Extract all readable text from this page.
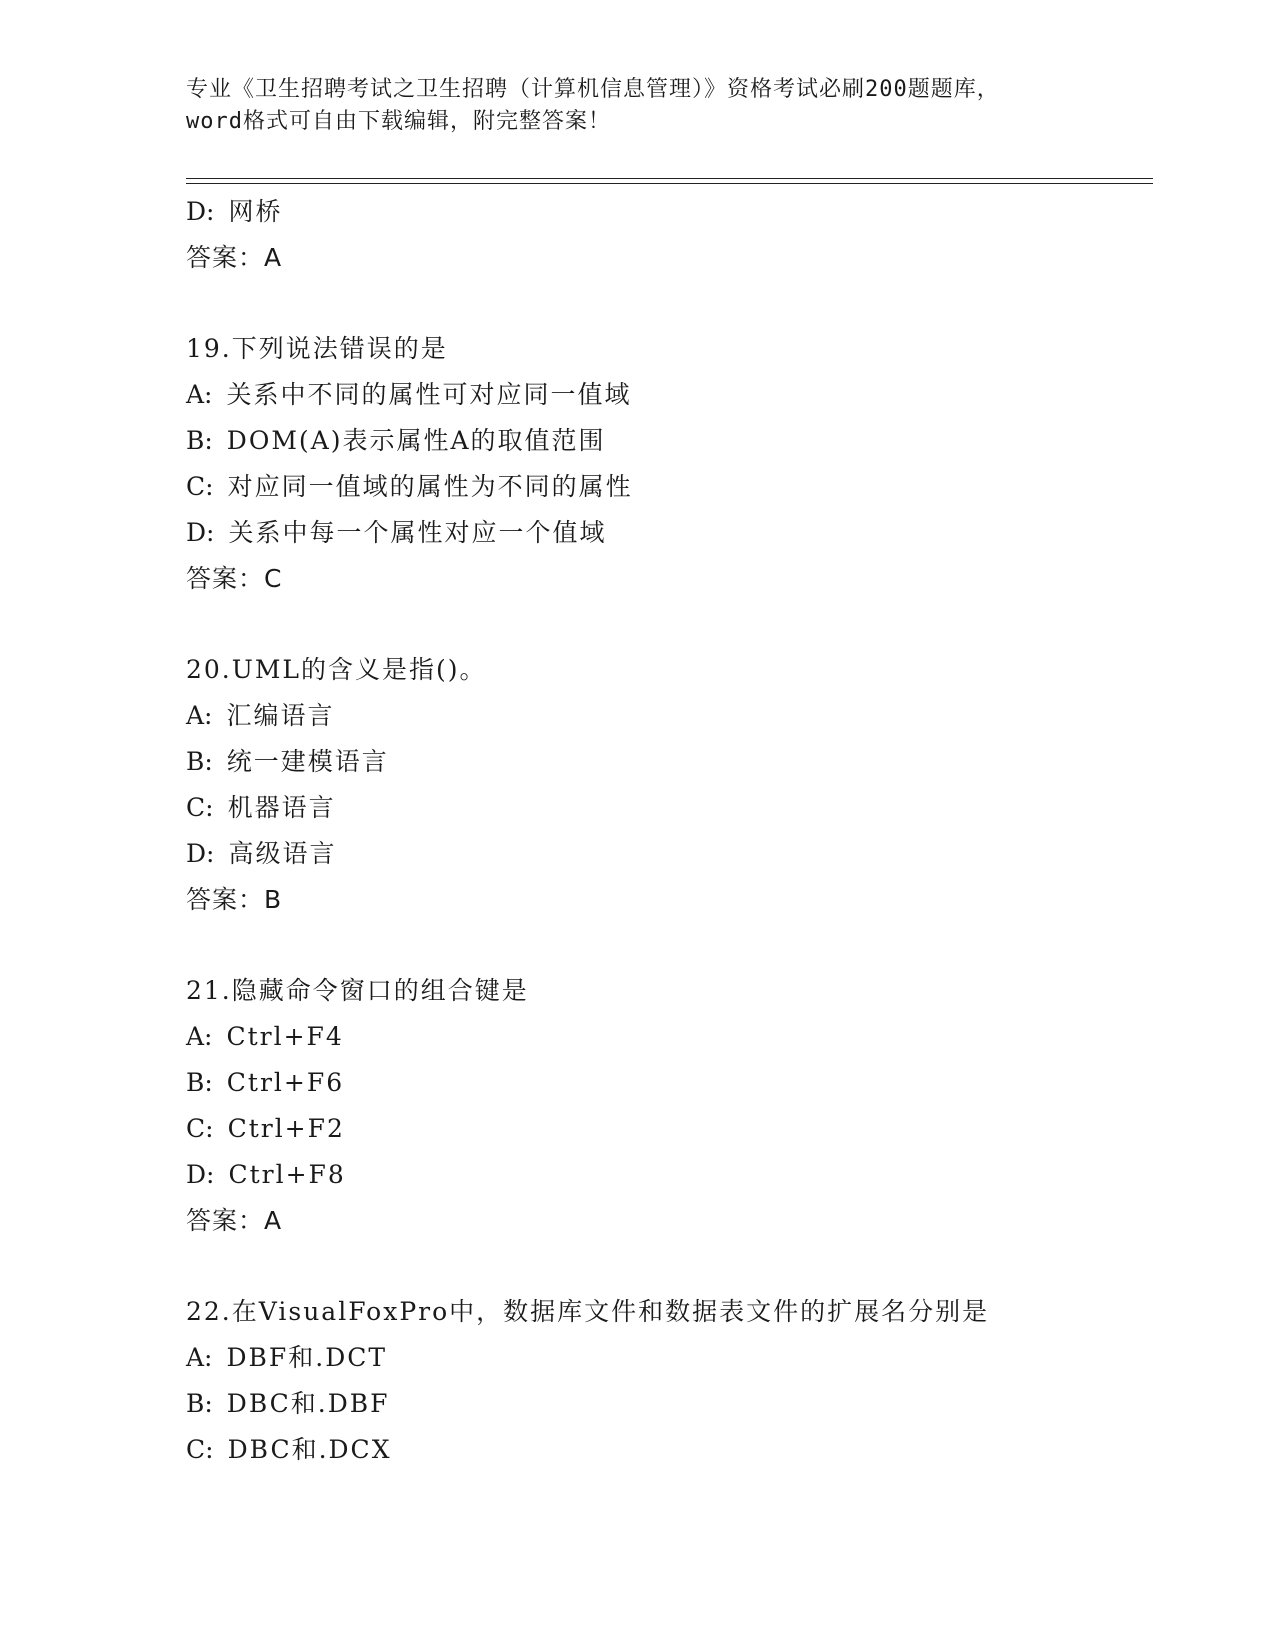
专业《卫生招聘考试之卫生招聘（计算机信息管理）》资格考试必刷200题题库，
word格式可自由下载编辑，附完整答案！
D: 网桥
答案：A
19.下列说法错误的是
A: 关系中不同的属性可对应同一值域
B: DOM(A)表示属性A的取值范围
C: 对应同一值域的属性为不同的属性
D: 关系中每一个属性对应一个值域
答案：C
20.UML的含义是指()。
A: 汇编语言
B: 统一建模语言
C: 机器语言
D: 高级语言
答案：B
21.隐藏命令窗口的组合键是
A: Ctrl+F4
B: Ctrl+F6
C: Ctrl+F2
D: Ctrl+F8
答案：A
22.在VisualFoxPro中，数据库文件和数据表文件的扩展名分别是
A: DBF和.DCT
B: DBC和.DBF
C: DBC和.DCX
